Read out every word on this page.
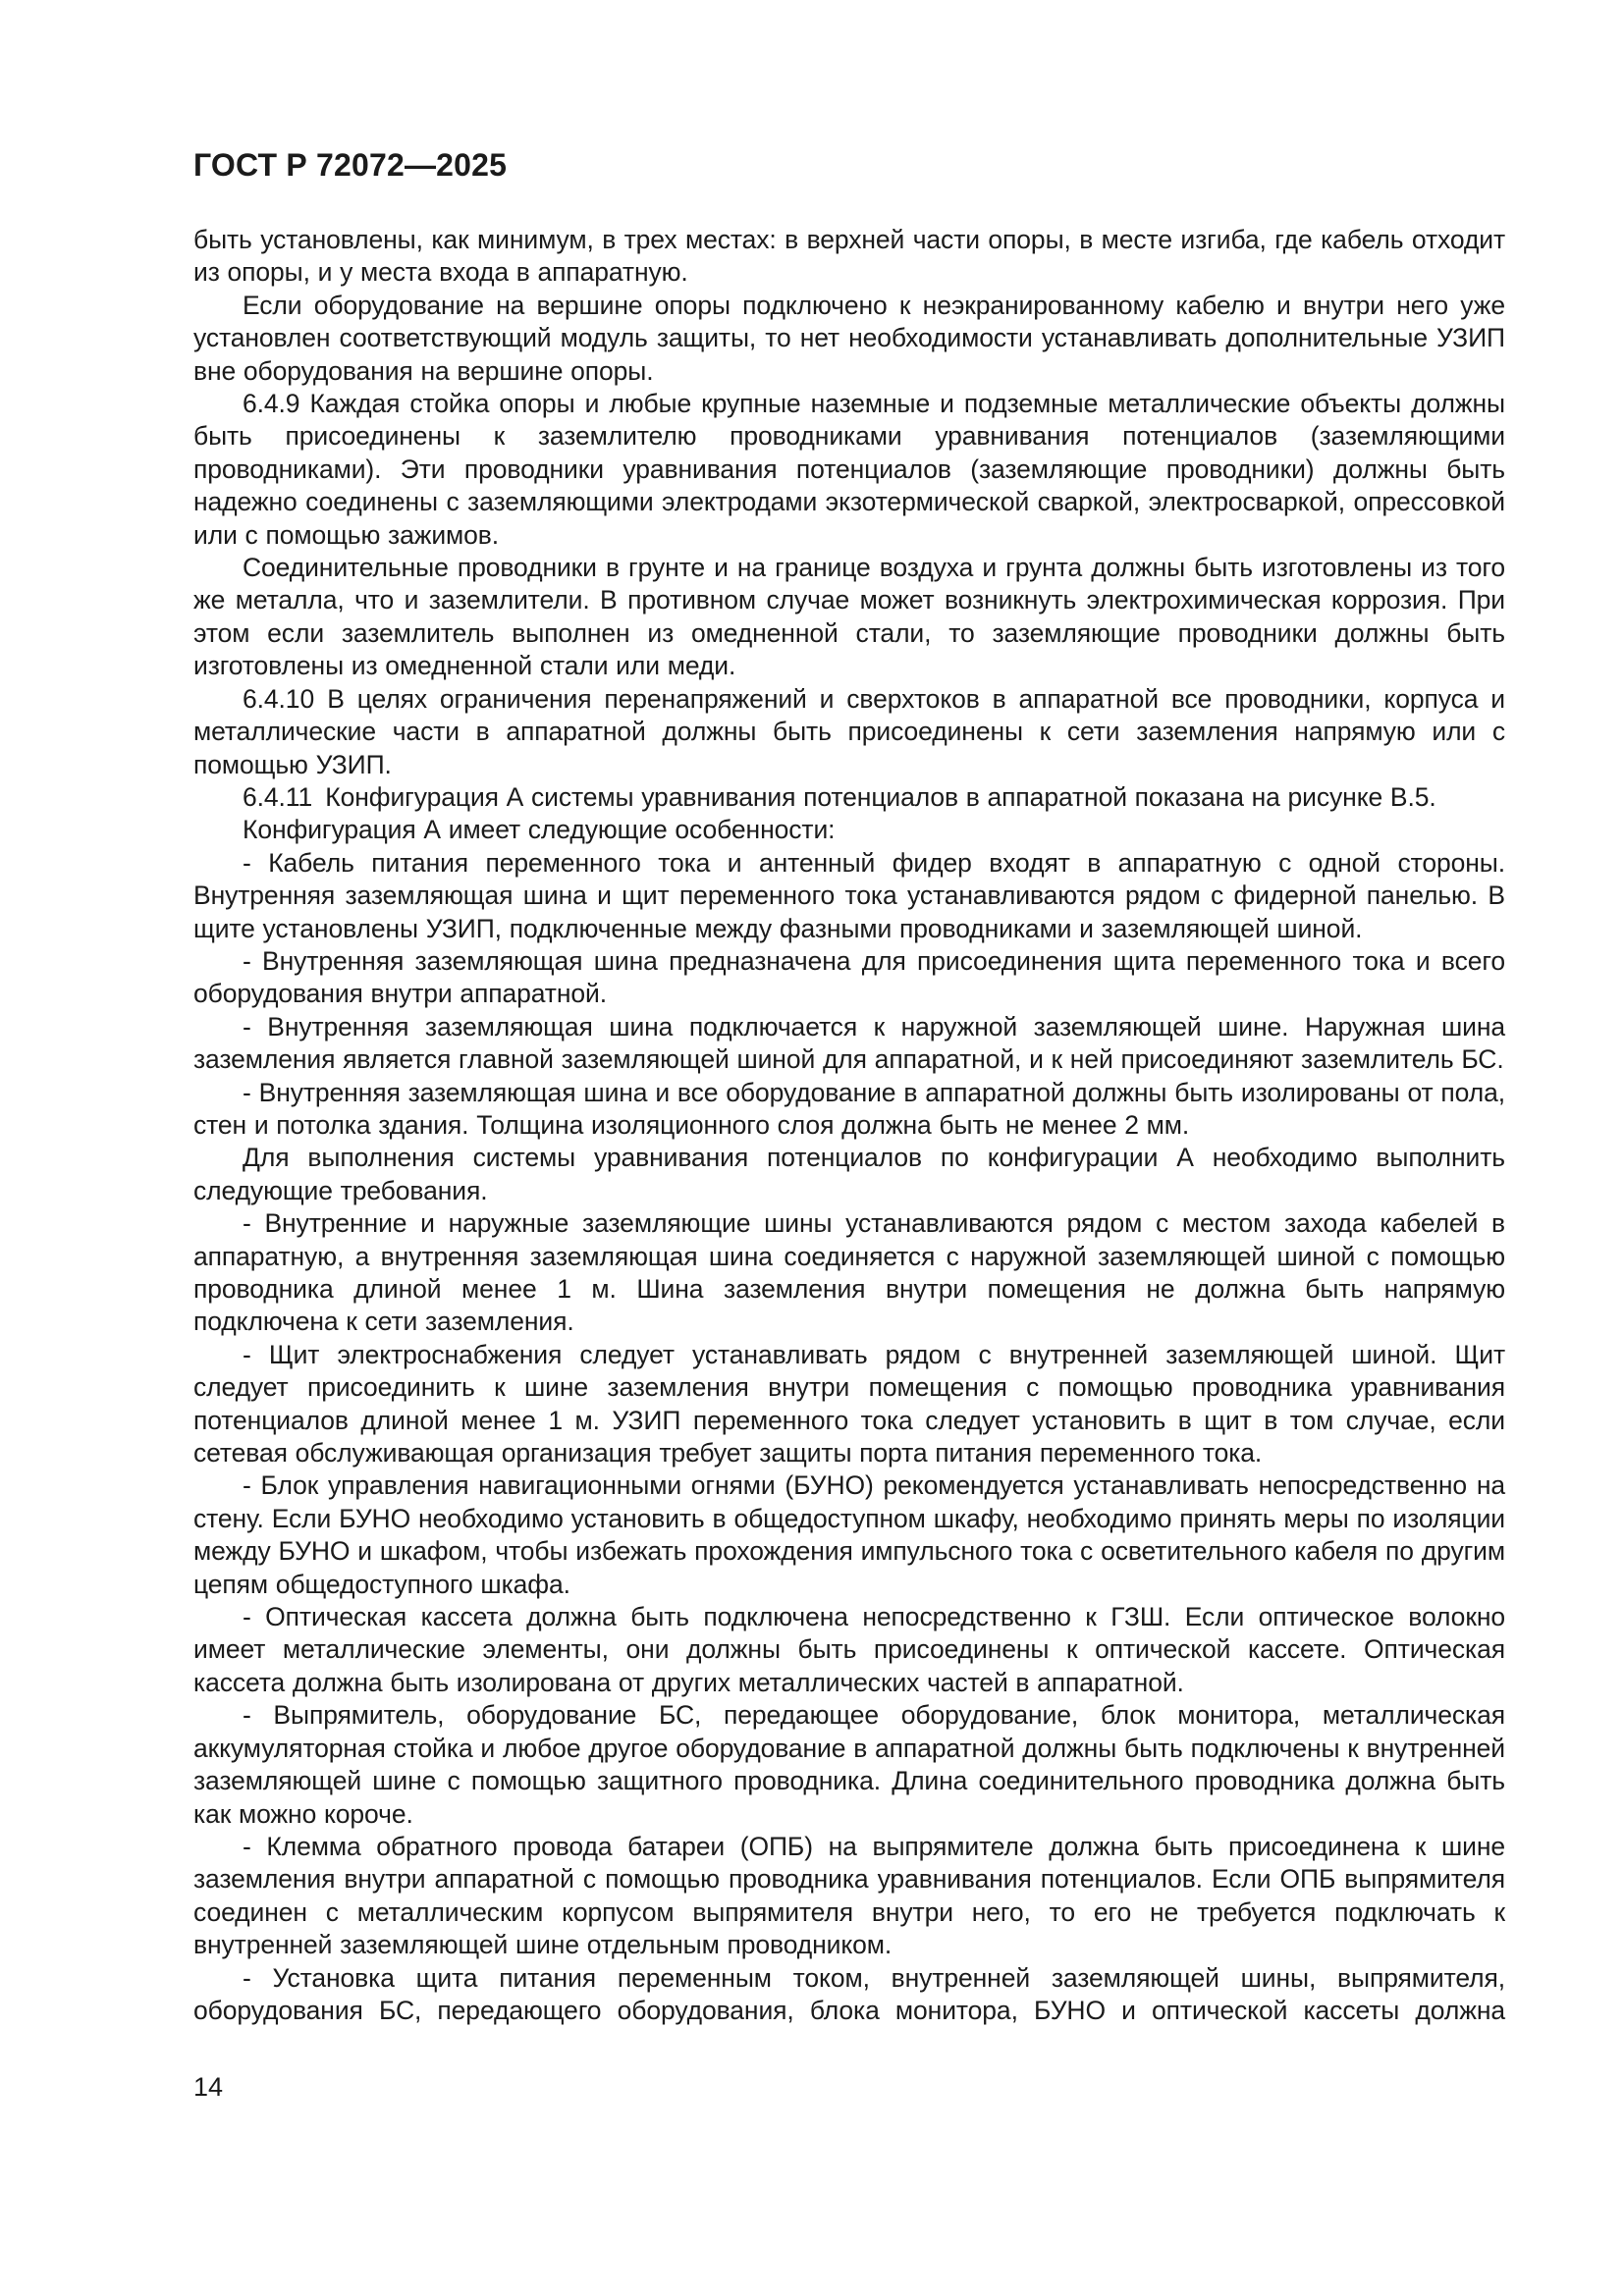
ГОСТ Р 72072—2025

быть установлены, как минимум, в трех местах: в верхней части опоры, в месте изгиба, где кабель отходит из опоры, и у места входа в аппаратную.

Если оборудование на вершине опоры подключено к неэкранированному кабелю и внутри него уже установлен соответствующий модуль защиты, то нет необходимости устанавливать дополнительные УЗИП вне оборудования на вершине опоры.

6.4.9 Каждая стойка опоры и любые крупные наземные и подземные металлические объекты должны быть присоединены к заземлителю проводниками уравнивания потенциалов (заземляющими проводниками). Эти проводники уравнивания потенциалов (заземляющие проводники) должны быть надежно соединены с заземляющими электродами экзотермической сваркой, электросваркой, опрессовкой или с помощью зажимов.

Соединительные проводники в грунте и на границе воздуха и грунта должны быть изготовлены из того же металла, что и заземлители. В противном случае может возникнуть электрохимическая коррозия. При этом если заземлитель выполнен из омедненной стали, то заземляющие проводники должны быть изготовлены из омедненной стали или меди.

6.4.10 В целях ограничения перенапряжений и сверхтоков в аппаратной все проводники, корпуса и металлические части в аппаратной должны быть присоединены к сети заземления напрямую или с помощью УЗИП.

6.4.11 Конфигурация А системы уравнивания потенциалов в аппаратной показана на рисунке В.5.

Конфигурация А имеет следующие особенности:

- Кабель питания переменного тока и антенный фидер входят в аппаратную с одной стороны. Внутренняя заземляющая шина и щит переменного тока устанавливаются рядом с фидерной панелью. В щите установлены УЗИП, подключенные между фазными проводниками и заземляющей шиной.

- Внутренняя заземляющая шина предназначена для присоединения щита переменного тока и всего оборудования внутри аппаратной.

- Внутренняя заземляющая шина подключается к наружной заземляющей шине. Наружная шина заземления является главной заземляющей шиной для аппаратной, и к ней присоединяют заземлитель БС.

- Внутренняя заземляющая шина и все оборудование в аппаратной должны быть изолированы от пола, стен и потолка здания. Толщина изоляционного слоя должна быть не менее 2 мм.

Для выполнения системы уравнивания потенциалов по конфигурации А необходимо выполнить следующие требования.

- Внутренние и наружные заземляющие шины устанавливаются рядом с местом захода кабелей в аппаратную, а внутренняя заземляющая шина соединяется с наружной заземляющей шиной с помощью проводника длиной менее 1 м. Шина заземления внутри помещения не должна быть напрямую подключена к сети заземления.

- Щит электроснабжения следует устанавливать рядом с внутренней заземляющей шиной. Щит следует присоединить к шине заземления внутри помещения с помощью проводника уравнивания потенциалов длиной менее 1 м. УЗИП переменного тока следует установить в щит в том случае, если сетевая обслуживающая организация требует защиты порта питания переменного тока.

- Блок управления навигационными огнями (БУНО) рекомендуется устанавливать непосредственно на стену. Если БУНО необходимо установить в общедоступном шкафу, необходимо принять меры по изоляции между БУНО и шкафом, чтобы избежать прохождения импульсного тока с осветительного кабеля по другим цепям общедоступного шкафа.

- Оптическая кассета должна быть подключена непосредственно к ГЗШ. Если оптическое волокно имеет металлические элементы, они должны быть присоединены к оптической кассете. Оптическая кассета должна быть изолирована от других металлических частей в аппаратной.

- Выпрямитель, оборудование БС, передающее оборудование, блок монитора, металлическая аккумуляторная стойка и любое другое оборудование в аппаратной должны быть подключены к внутренней заземляющей шине с помощью защитного проводника. Длина соединительного проводника должна быть как можно короче.

- Клемма обратного провода батареи (ОПБ) на выпрямителе должна быть присоединена к шине заземления внутри аппаратной с помощью проводника уравнивания потенциалов. Если ОПБ выпрямителя соединен с металлическим корпусом выпрямителя внутри него, то его не требуется подключать к внутренней заземляющей шине отдельным проводником.

- Установка щита питания переменным током, внутренней заземляющей шины, выпрямителя, оборудования БС, передающего оборудования, блока монитора, БУНО и оптической кассеты должна

14
